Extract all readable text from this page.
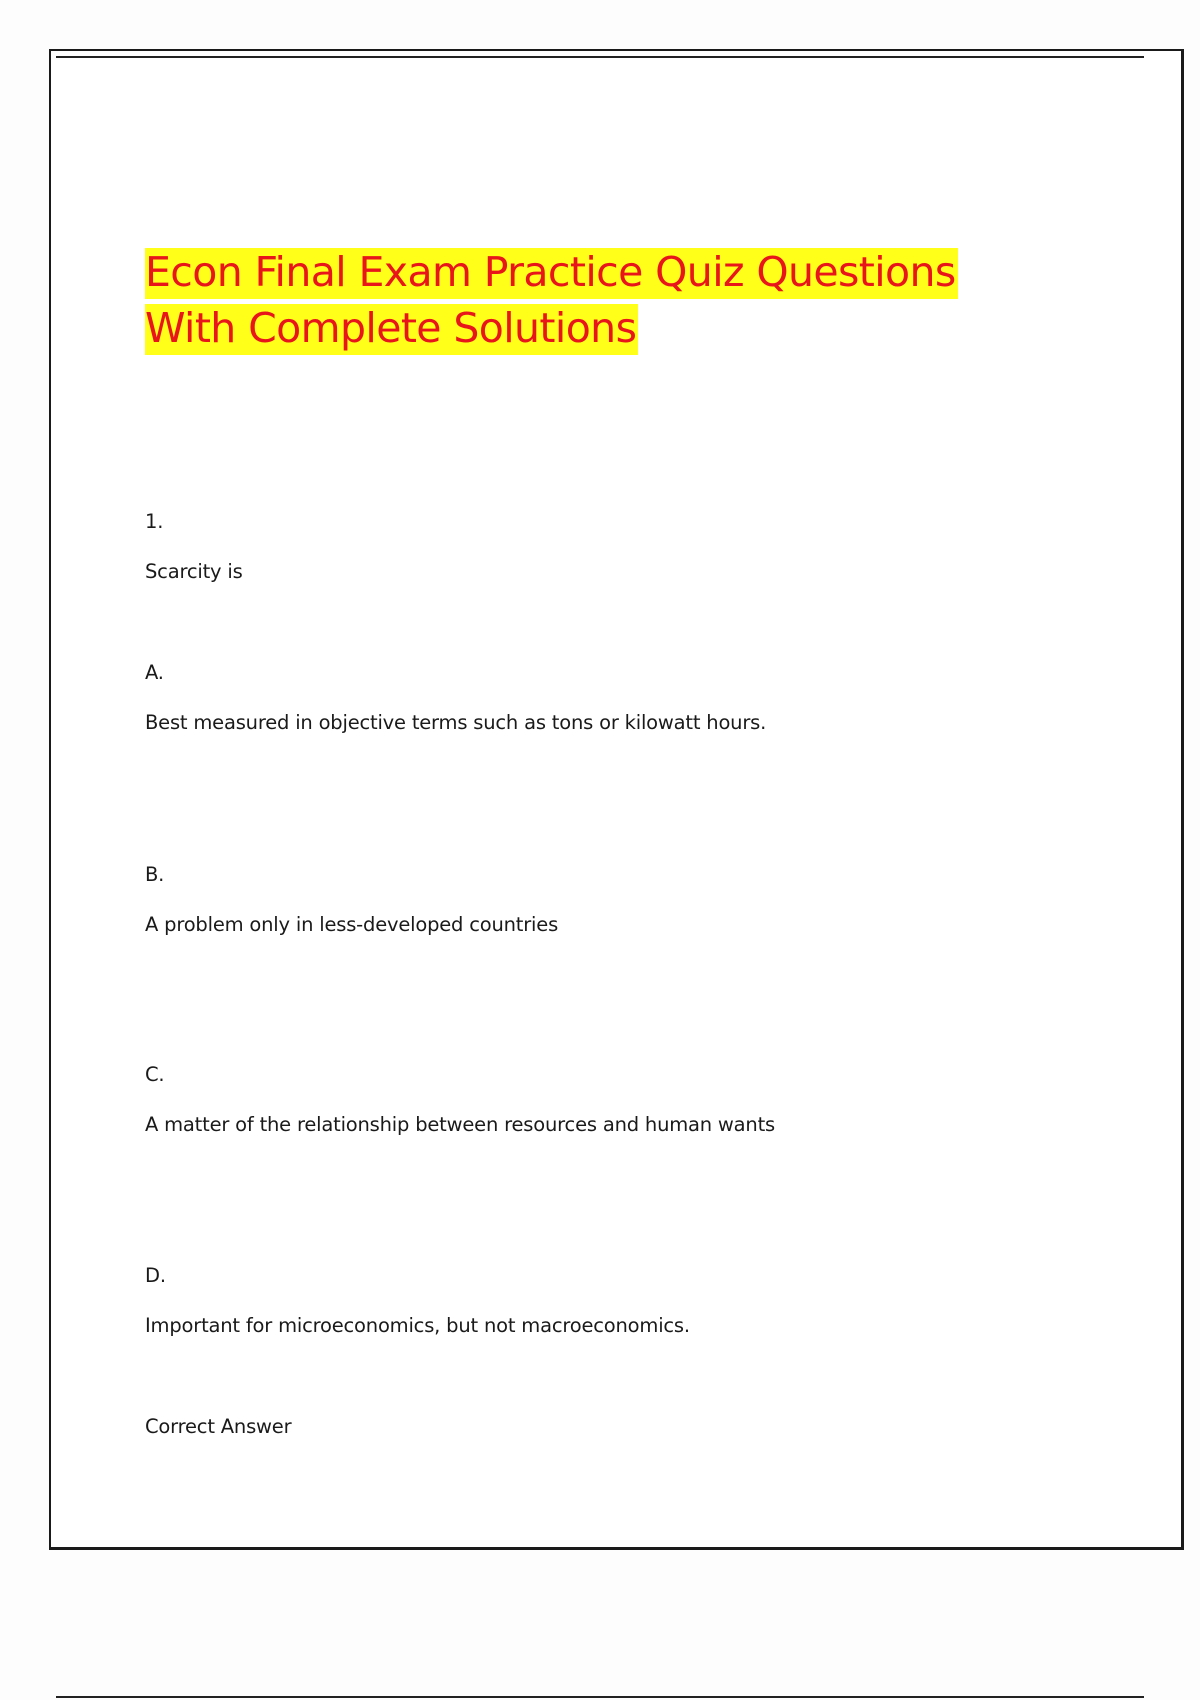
Econ Final Exam Practice Quiz Questions
With Complete Solutions

1.

Scarcity is

A.

Best measured in objective terms such as tons or kilowatt hours.

B.

A problem only in less-developed countries

C.

A matter of the relationship between resources and human wants

D.

Important for microeconomics, but not macroeconomics.

Correct Answer
